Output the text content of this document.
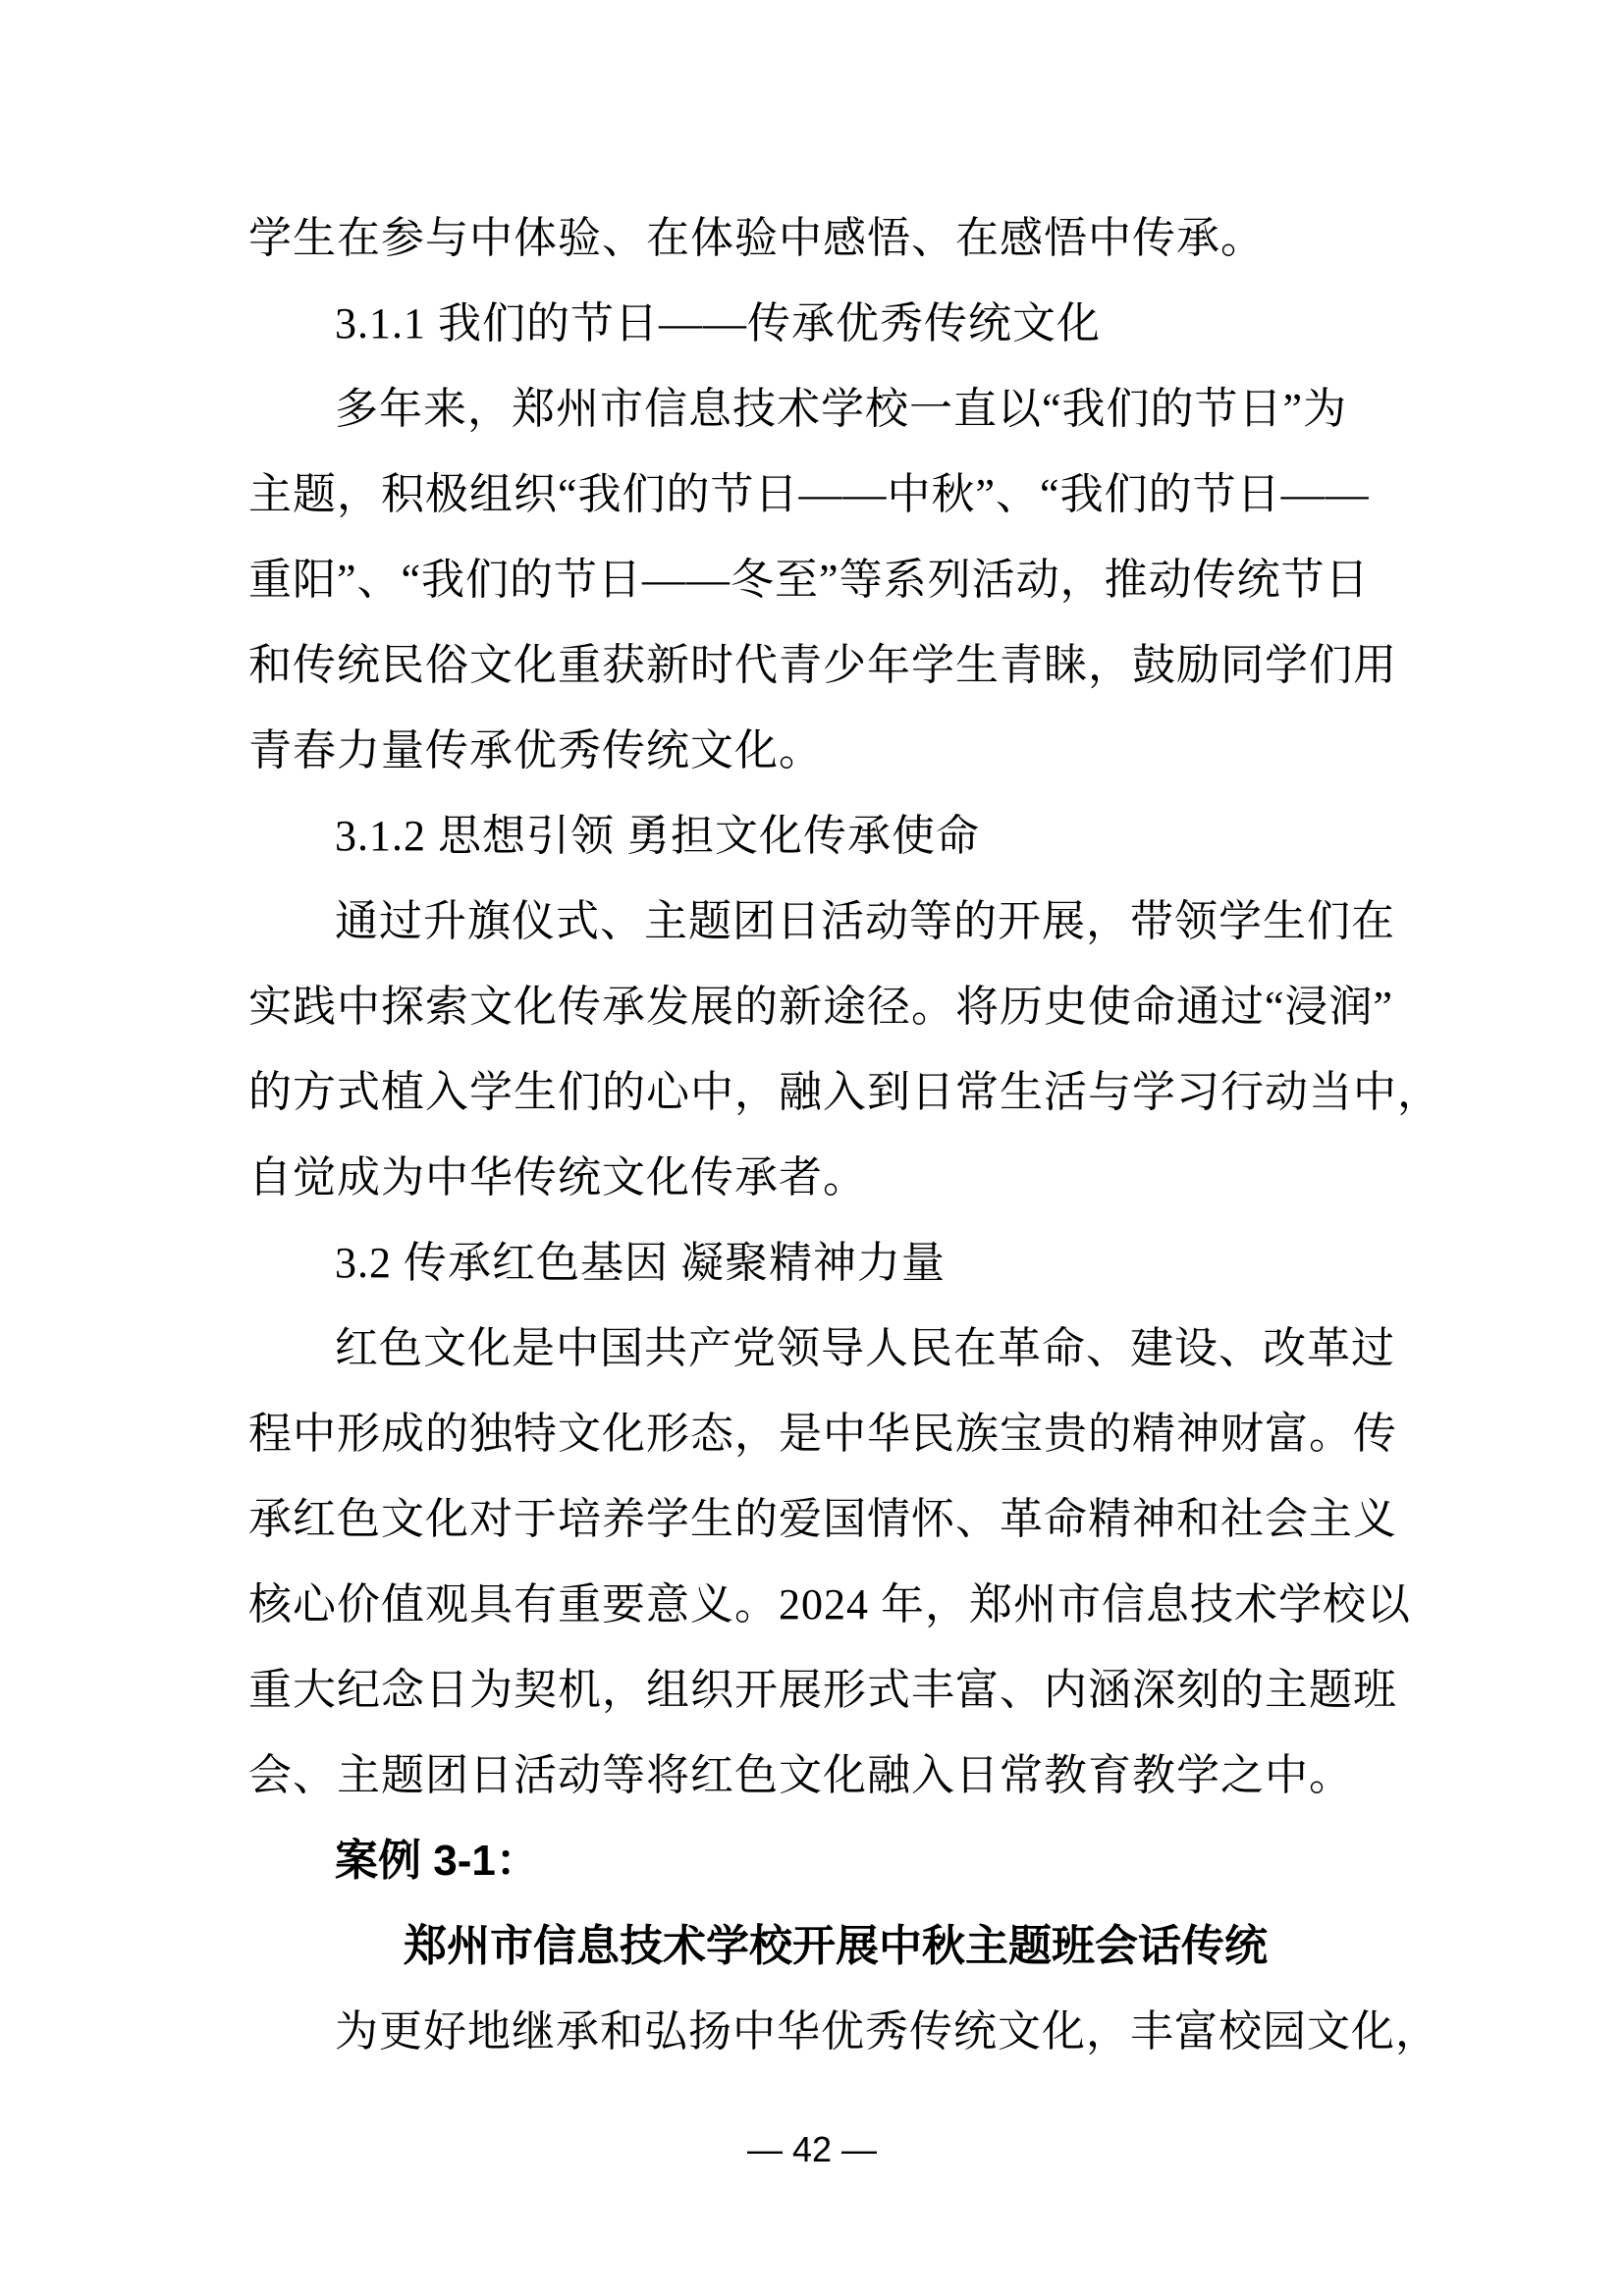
学生在参与中体验、在体验中感悟、在感悟中传承。
3.1.1 我们的节日——传承优秀传统文化
多年来，郑州市信息技术学校一直以“我们的节日”为
主题，积极组织“我们的节日——中秋”、“我们的节日——
重阳”、“我们的节日——冬至”等系列活动，推动传统节日
和传统民俗文化重获新时代青少年学生青睐，鼓励同学们用
青春力量传承优秀传统文化。
3.1.2 思想引领 勇担文化传承使命
通过升旗仪式、主题团日活动等的开展，带领学生们在
实践中探索文化传承发展的新途径。将历史使命通过“浸润”
的方式植入学生们的心中，融入到日常生活与学习行动当中，
自觉成为中华传统文化传承者。
3.2 传承红色基因 凝聚精神力量
红色文化是中国共产党领导人民在革命、建设、改革过
程中形成的独特文化形态，是中华民族宝贵的精神财富。传
承红色文化对于培养学生的爱国情怀、革命精神和社会主义
核心价值观具有重要意义。2024 年，郑州市信息技术学校以
重大纪念日为契机，组织开展形式丰富、内涵深刻的主题班
会、主题团日活动等将红色文化融入日常教育教学之中。
案例 3-1：
郑州市信息技术学校开展中秋主题班会话传统
为更好地继承和弘扬中华优秀传统文化，丰富校园文化，
— 42 —
